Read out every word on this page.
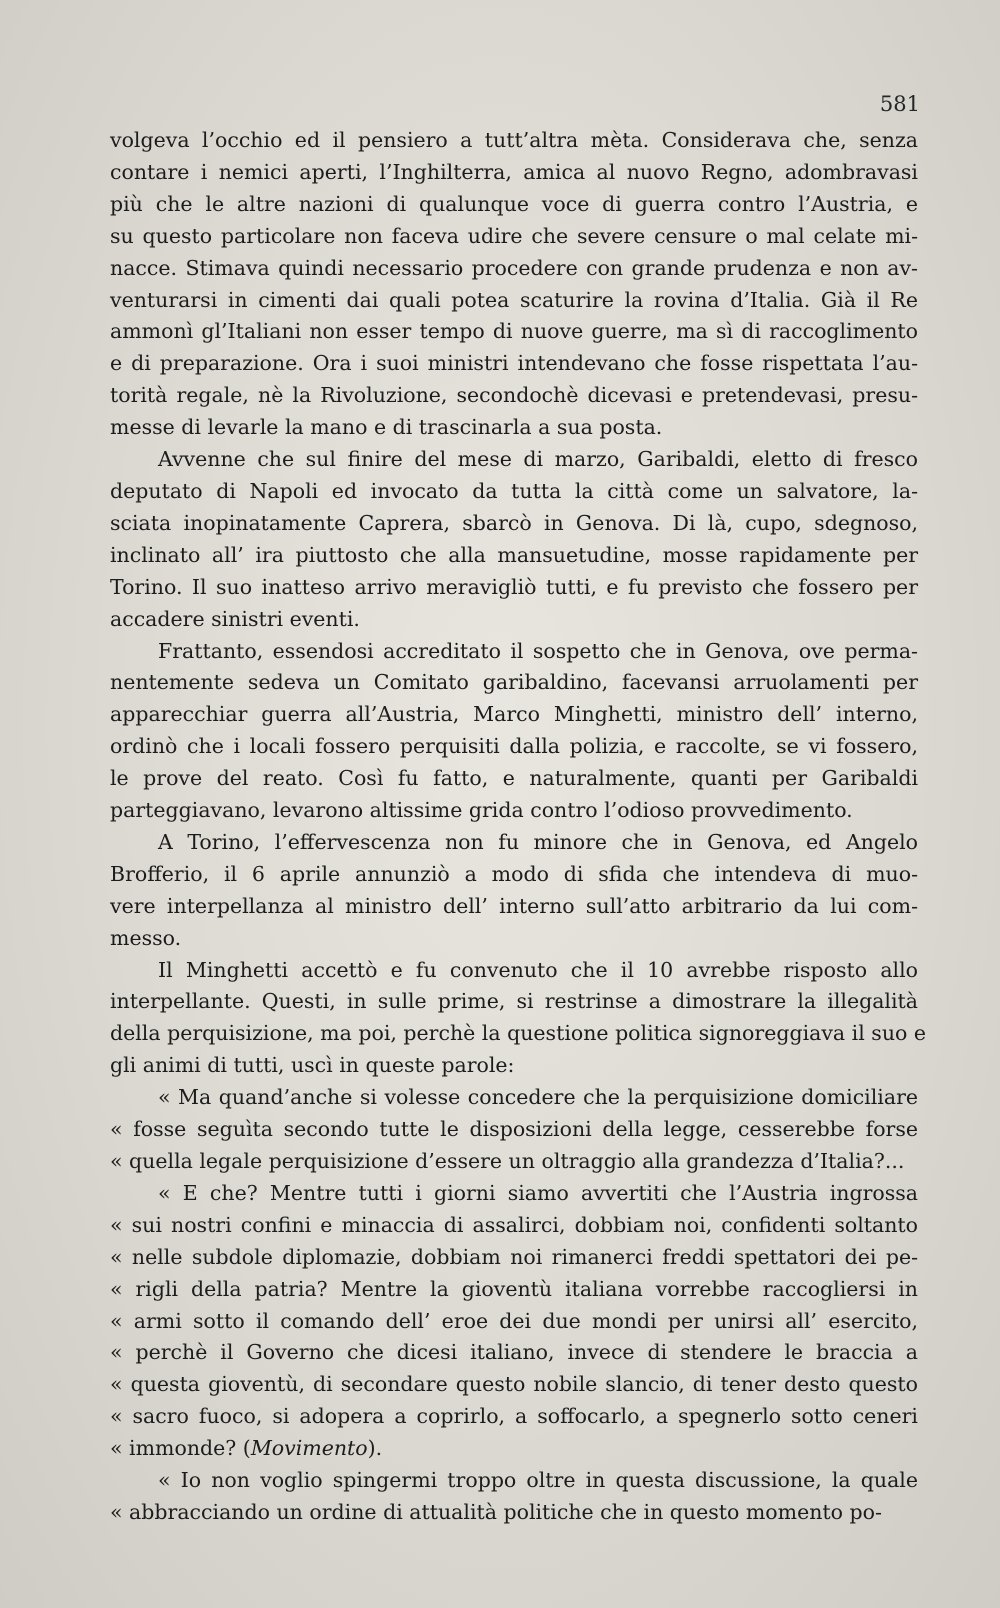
581

volgeva l’occhio ed il pensiero a tutt’altra mèta. Considerava che, senza
contare i nemici aperti, l’Inghilterra, amica al nuovo Regno, adombravasi
più che le altre nazioni di qualunque voce di guerra contro l’Austria, e
su questo particolare non faceva udire che severe censure o mal celate mi-
nacce. Stimava quindi necessario procedere con grande prudenza e non av-
venturarsi in cimenti dai quali potea scaturire la rovina d’Italia. Già il Re
ammonì gl’Italiani non esser tempo di nuove guerre, ma sì di raccoglimento
e di preparazione. Ora i suoi ministri intendevano che fosse rispettata l’au-
torità regale, nè la Rivoluzione, secondochè dicevasi e pretendevasi, presu-
messe di levarle la mano e di trascinarla a sua posta.

Avvenne che sul finire del mese di marzo, Garibaldi, eletto di fresco
deputato di Napoli ed invocato da tutta la città come un salvatore, la-
sciata inopinatamente Caprera, sbarcò in Genova. Di là, cupo, sdegnoso,
inclinato all’ ira piuttosto che alla mansuetudine, mosse rapidamente per
Torino. Il suo inatteso arrivo meravigliò tutti, e fu previsto che fossero per
accadere sinistri eventi.

Frattanto, essendosi accreditato il sospetto che in Genova, ove perma-
nentemente sedeva un Comitato garibaldino, facevansi arruolamenti per
apparecchiar guerra all’Austria, Marco Minghetti, ministro dell’ interno,
ordinò che i locali fossero perquisiti dalla polizia, e raccolte, se vi fossero,
le prove del reato. Così fu fatto, e naturalmente, quanti per Garibaldi
parteggiavano, levarono altissime grida contro l’odioso provvedimento.

A Torino, l’effervescenza non fu minore che in Genova, ed Angelo
Brofferio, il 6 aprile annunziò a modo di sfida che intendeva di muo-
vere interpellanza al ministro dell’ interno sull’atto arbitrario da lui com-
messo.

Il Minghetti accettò e fu convenuto che il 10 avrebbe risposto allo
interpellante. Questi, in sulle prime, si restrinse a dimostrare la illegalità
della perquisizione, ma poi, perchè la questione politica signoreggiava il suo e
gli animi di tutti, uscì in queste parole:

« Ma quand’anche si volesse concedere che la perquisizione domiciliare
« fosse seguìta secondo tutte le disposizioni della legge, cesserebbe forse
« quella legale perquisizione d’essere un oltraggio alla grandezza d’Italia?...

« E che? Mentre tutti i giorni siamo avvertiti che l’Austria ingrossa
« sui nostri confini e minaccia di assalirci, dobbiam noi, confidenti soltanto
« nelle subdole diplomazie, dobbiam noi rimanerci freddi spettatori dei pe-
« rigli della patria? Mentre la gioventù italiana vorrebbe raccogliersi in
« armi sotto il comando dell’ eroe dei due mondi per unirsi all’ esercito,
« perchè il Governo che dicesi italiano, invece di stendere le braccia a
« questa gioventù, di secondare questo nobile slancio, di tener desto questo
« sacro fuoco, si adopera a coprirlo, a soffocarlo, a spegnerlo sotto ceneri
« immonde? (Movimento).

« Io non voglio spingermi troppo oltre in questa discussione, la quale
« abbracciando un ordine di attualità politiche che in questo momento po-
